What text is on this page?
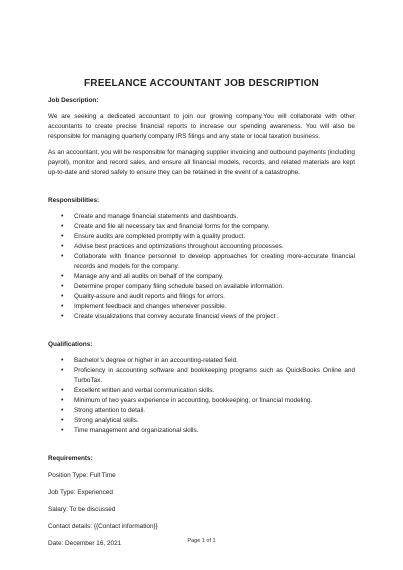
FREELANCE ACCOUNTANT JOB DESCRIPTION
Job Description:

We are seeking a dedicated accountant to join our growing company.You will collaborate with other accountants to create precise financial reports to increase our spending awareness. You will also be responsible for managing quarterly company IRS filings and any state or local taxation business.

As an accountant, you will be responsible for managing supplier invoicing and outbound payments (including payroll), monitor and record sales, and ensure all financial models, records, and related materials are kept up-to-date and stored safely to ensure they can be retained in the event of a catastrophe.

Responsibilities:
• Create and manage financial statements and dashboards.
• Create and file all necessary tax and financial forms for the company.
• Ensure audits are completed promptly with a quality product.
• Advise best practices and optimizations throughout accounting processes.
• Collaborate with finance personnel to develop approaches for creating more-accurate financial records and models for the company.
• Manage any and all audits on behalf of the company.
• Determine proper company filing schedule based on available information.
• Quality-assure and audit reports and filings for errors.
• Implement feedback and changes whenever possible.
• Create visualizations that convey accurate financial views of the project .
Qualifications:
• Bachelor’s degree or higher in an accounting-related field.
• Proficiency in accounting software and bookkeeping programs such as QuickBooks Online and TurboTax.
• Excellent written and verbal communication skills.
• Minimum of two years experience in accounting, bookkeeping, or financial modeling.
• Strong attention to detail.
• Strong analytical skills.
• Time management and organizational skills.
Requirements:
Position Type: Full Time
Job Type: Experienced
Salary: To be discussed
Contact details: {{Contact information}}
Date: December 16, 2021	Page 1 of 1
